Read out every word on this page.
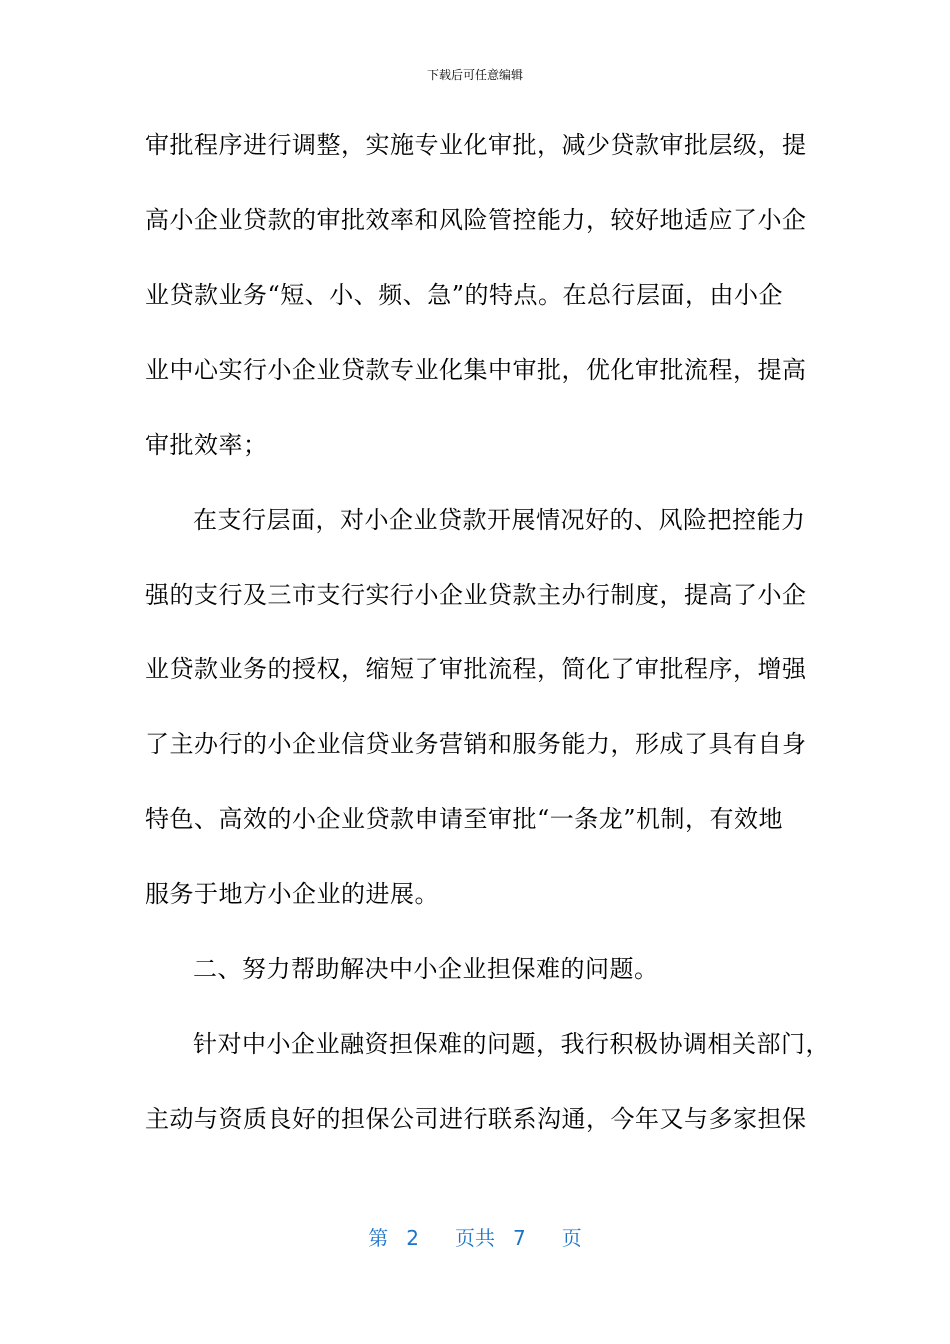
下载后可任意编辑
审批程序进行调整，实施专业化审批，减少贷款审批层级，提
高小企业贷款的审批效率和风险管控能力，较好地适应了小企
业贷款业务“短、小、频、急”的特点。在总行层面，由小企
业中心实行小企业贷款专业化集中审批，优化审批流程，提高
审批效率；
在支行层面，对小企业贷款开展情况好的、风险把控能力
强的支行及三市支行实行小企业贷款主办行制度，提高了小企
业贷款业务的授权，缩短了审批流程，简化了审批程序，增强
了主办行的小企业信贷业务营销和服务能力，形成了具有自身
特色、高效的小企业贷款申请至审批“一条龙”机制，有效地
服务于地方小企业的进展。
二、努力帮助解决中小企业担保难的问题。
针对中小企业融资担保难的问题，我行积极协调相关部门，
主动与资质良好的担保公司进行联系沟通，今年又与多家担保
第 2 页共 7 页
